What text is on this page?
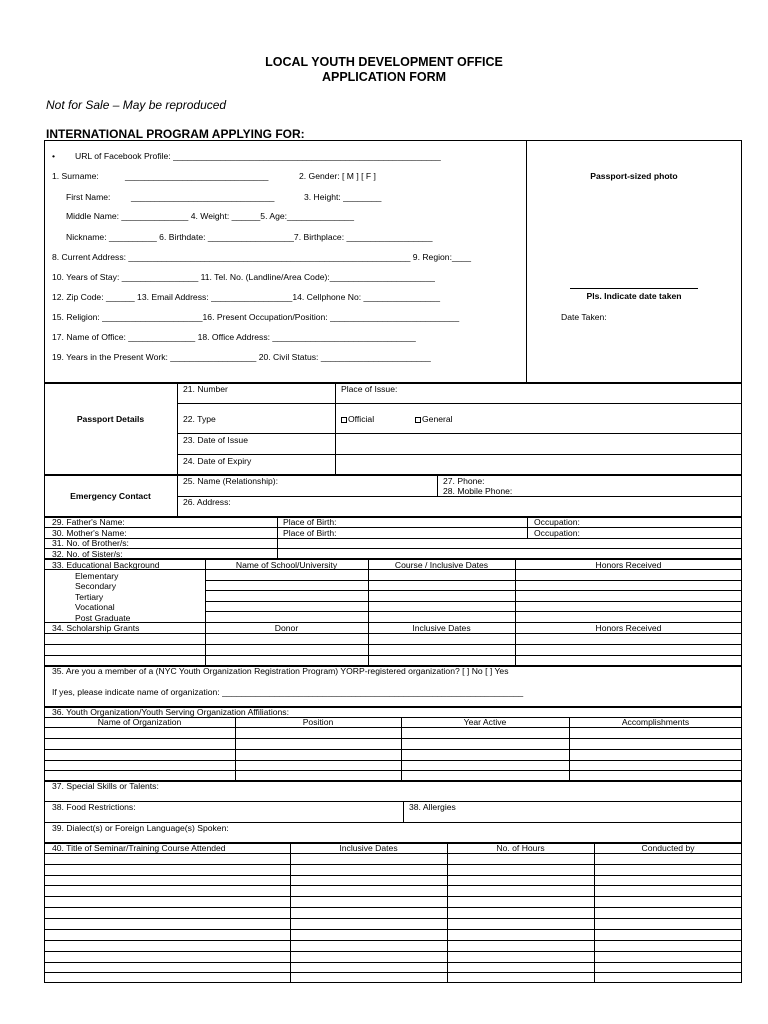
LOCAL YOUTH DEVELOPMENT OFFICE
APPLICATION FORM
Not for Sale – May be reproduced
INTERNATIONAL PROGRAM APPLYING FOR:
• URL of Facebook Profile: ________________________________________________________
1. Surname:	______________________________	2. Gender: [ M ] [ F ]
First Name: ______________________________	3. Height: ________
Middle Name: ______________ 4. Weight: ______5. Age:______________
Nickname: __________ 6. Birthdate: __________________7. Birthplace: __________________
8. Current Address: ___________________________________________________________ 9. Region:____
10. Years of Stay: ________________ 11. Tel. No. (Landline/Area Code):______________________
12. Zip Code: ______ 13. Email Address: _________________14. Cellphone No: ________________
15. Religion: _____________________16. Present Occupation/Position: ___________________________
17. Name of Office: ______________ 18. Office Address: ______________________________
19. Years in the Present Work: __________________ 20. Civil Status: _______________________
Passport-sized photo
Pls. Indicate date taken
Date Taken:
Passport Details
21. Number	Place of Issue:
22. Type	Official	General
23. Date of Issue
24. Date of Expiry
Emergency Contact
25. Name (Relationship):	27. Phone:
28. Mobile Phone:
26. Address:
29. Father's Name:	Place of Birth:	Occupation:
30. Mother's Name:	Place of Birth:	Occupation:
31. No. of Brother/s:
32. No. of Sister/s:
33. Educational Background	Name of School/University	Course / Inclusive Dates	Honors Received
Elementary
Secondary
Tertiary
Vocational
Post Graduate
34. Scholarship Grants	Donor	Inclusive Dates	Honors Received
35. Are you a member of a (NYC Youth Organization Registration Program) YORP-registered organization? [ ] No [ ] Yes
If yes, please indicate name of organization: _______________________________________________________________
36. Youth Organization/Youth Serving Organization Affiliations:
Name of Organization	Position	Year Active	Accomplishments
37. Special Skills or Talents:
38. Food Restrictions:	38. Allergies
39. Dialect(s) or Foreign Language(s) Spoken:
40. Title of Seminar/Training Course Attended	Inclusive Dates	No. of Hours	Conducted by
